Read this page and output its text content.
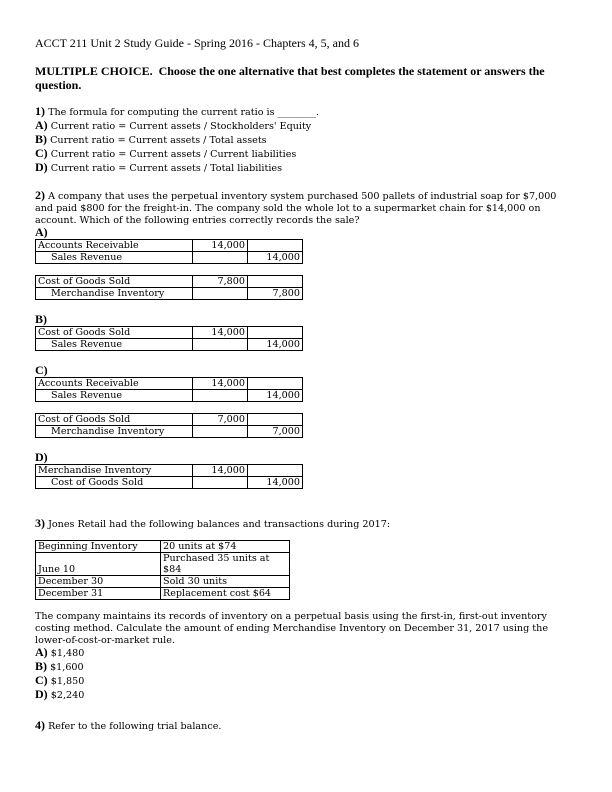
ACCT 211 Unit 2 Study Guide - Spring 2016 - Chapters 4, 5, and 6
MULTIPLE CHOICE. Choose the one alternative that best completes the statement or answers the question.
1) The formula for computing the current ratio is ________.
A) Current ratio = Current assets / Stockholders' Equity
B) Current ratio = Current assets / Total assets
C) Current ratio = Current assets / Current liabilities
D) Current ratio = Current assets / Total liabilities
2) A company that uses the perpetual inventory system purchased 500 pallets of industrial soap for $7,000 and paid $800 for the freight-in. The company sold the whole lot to a supermarket chain for $14,000 on account. Which of the following entries correctly records the sale?
A)
Accounts Receivable	14,000	
Sales Revenue		14,000
Cost of Goods Sold	7,800	
Merchandise Inventory		7,800
B)
Cost of Goods Sold	14,000	
Sales Revenue		14,000
C)
Accounts Receivable	14,000	
Sales Revenue		14,000
Cost of Goods Sold	7,000	
Merchandise Inventory		7,000
D)
Merchandise Inventory	14,000	
Cost of Goods Sold		14,000
3) Jones Retail had the following balances and transactions during 2017:
Beginning Inventory	20 units at $74
June 10	Purchased 35 units at $84
December 30	Sold 30 units
December 31	Replacement cost $64
The company maintains its records of inventory on a perpetual basis using the first-in, first-out inventory costing method. Calculate the amount of ending Merchandise Inventory on December 31, 2017 using the lower-of-cost-or-market rule.
A) $1,480
B) $1,600
C) $1,850
D) $2,240
4) Refer to the following trial balance.
